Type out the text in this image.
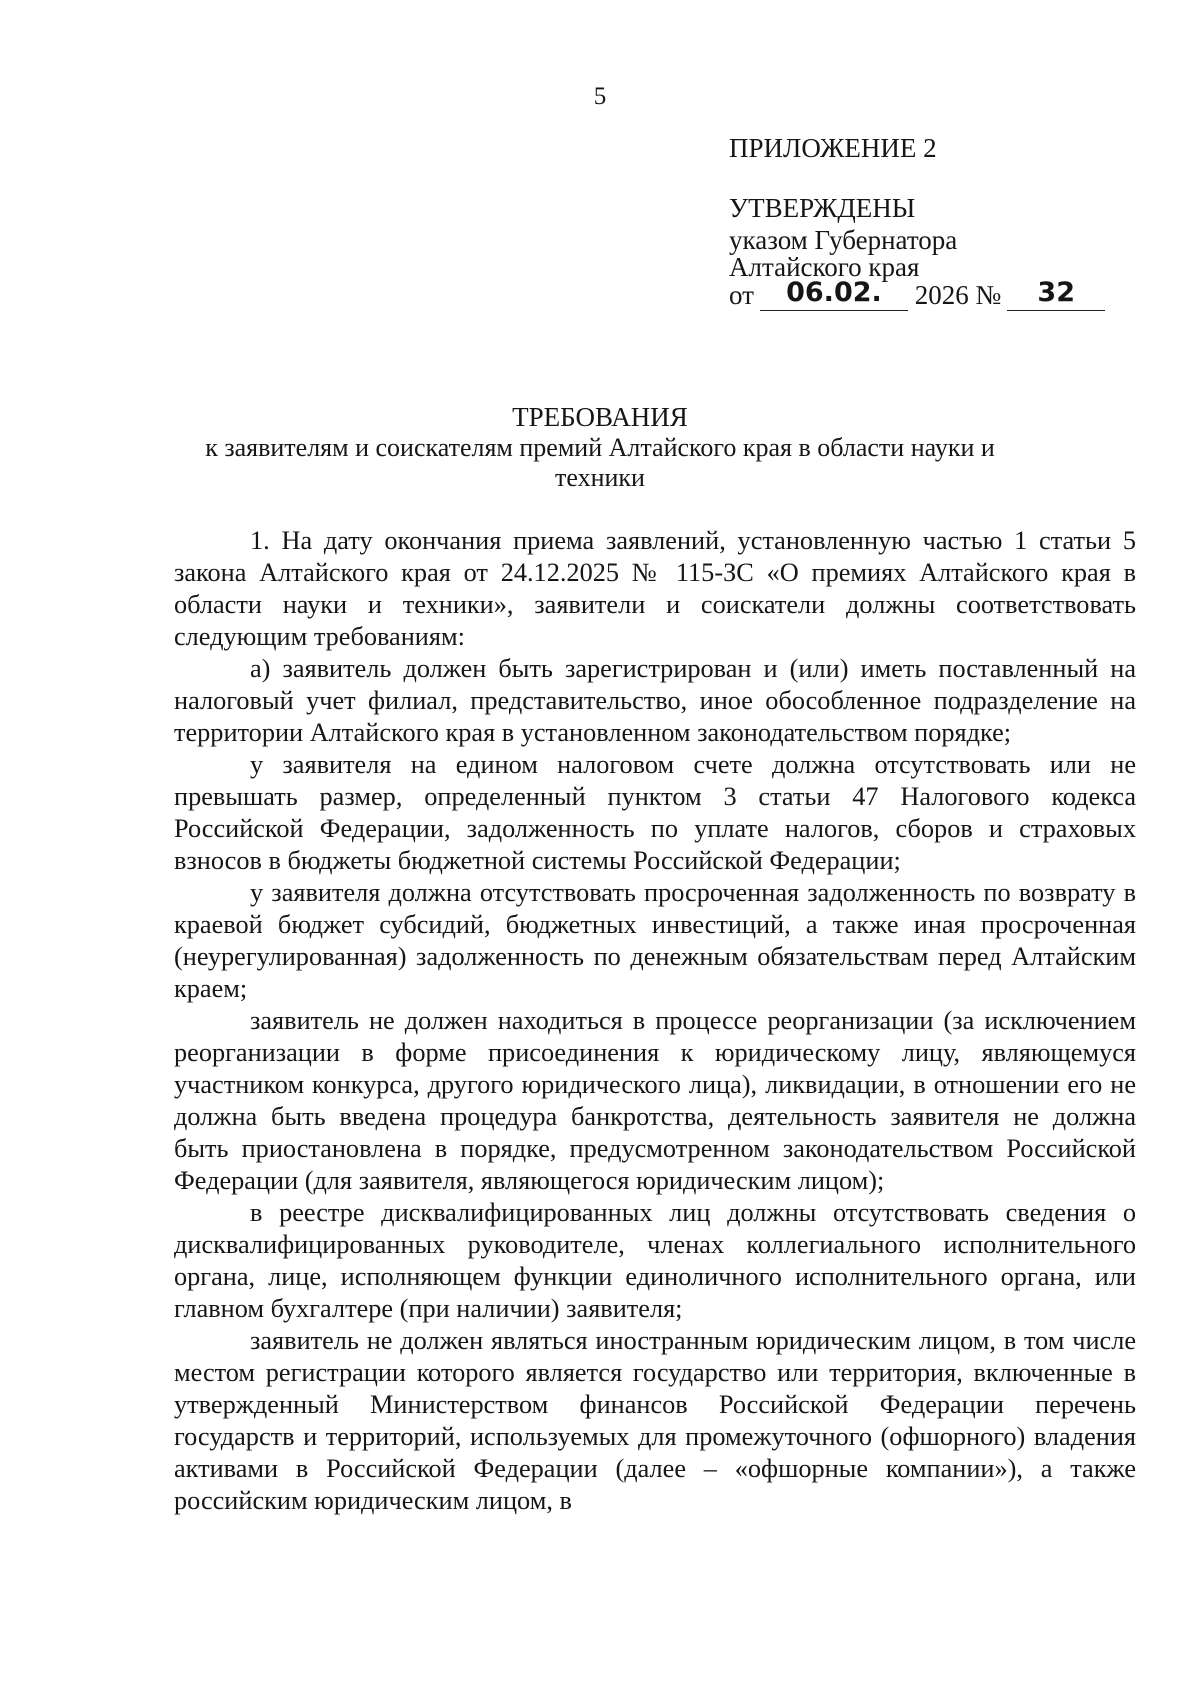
5
ПРИЛОЖЕНИЕ 2
УТВЕРЖДЕНЫ
указом Губернатора
Алтайского края
от 06.02. 2026 № 32
ТРЕБОВАНИЯ
к заявителям и соискателям премий Алтайского края в области науки и техники

1. На дату окончания приема заявлений, установленную частью 1 статьи 5 закона Алтайского края от 24.12.2025 № 115-ЗС «О премиях Алтайского края в области науки и техники», заявители и соискатели должны соответствовать следующим требованиям:

а) заявитель должен быть зарегистрирован и (или) иметь поставленный на налоговый учет филиал, представительство, иное обособленное подразделение на территории Алтайского края в установленном законодательством порядке;

у заявителя на едином налоговом счете должна отсутствовать или не превышать размер, определенный пунктом 3 статьи 47 Налогового кодекса Российской Федерации, задолженность по уплате налогов, сборов и страховых взносов в бюджеты бюджетной системы Российской Федерации;

у заявителя должна отсутствовать просроченная задолженность по возврату в краевой бюджет субсидий, бюджетных инвестиций, а также иная просроченная (неурегулированная) задолженность по денежным обязательствам перед Алтайским краем;

заявитель не должен находиться в процессе реорганизации (за исключением реорганизации в форме присоединения к юридическому лицу, являющемуся участником конкурса, другого юридического лица), ликвидации, в отношении его не должна быть введена процедура банкротства, деятельность заявителя не должна быть приостановлена в порядке, предусмотренном законодательством Российской Федерации (для заявителя, являющегося юридическим лицом);

в реестре дисквалифицированных лиц должны отсутствовать сведения о дисквалифицированных руководителе, членах коллегиального исполнительного органа, лице, исполняющем функции единоличного исполнительного органа, или главном бухгалтере (при наличии) заявителя;

заявитель не должен являться иностранным юридическим лицом, в том числе местом регистрации которого является государство или территория, включенные в утвержденный Министерством финансов Российской Федерации перечень государств и территорий, используемых для промежуточного (офшорного) владения активами в Российской Федерации (далее – «офшорные компании»), а также российским юридическим лицом, в
